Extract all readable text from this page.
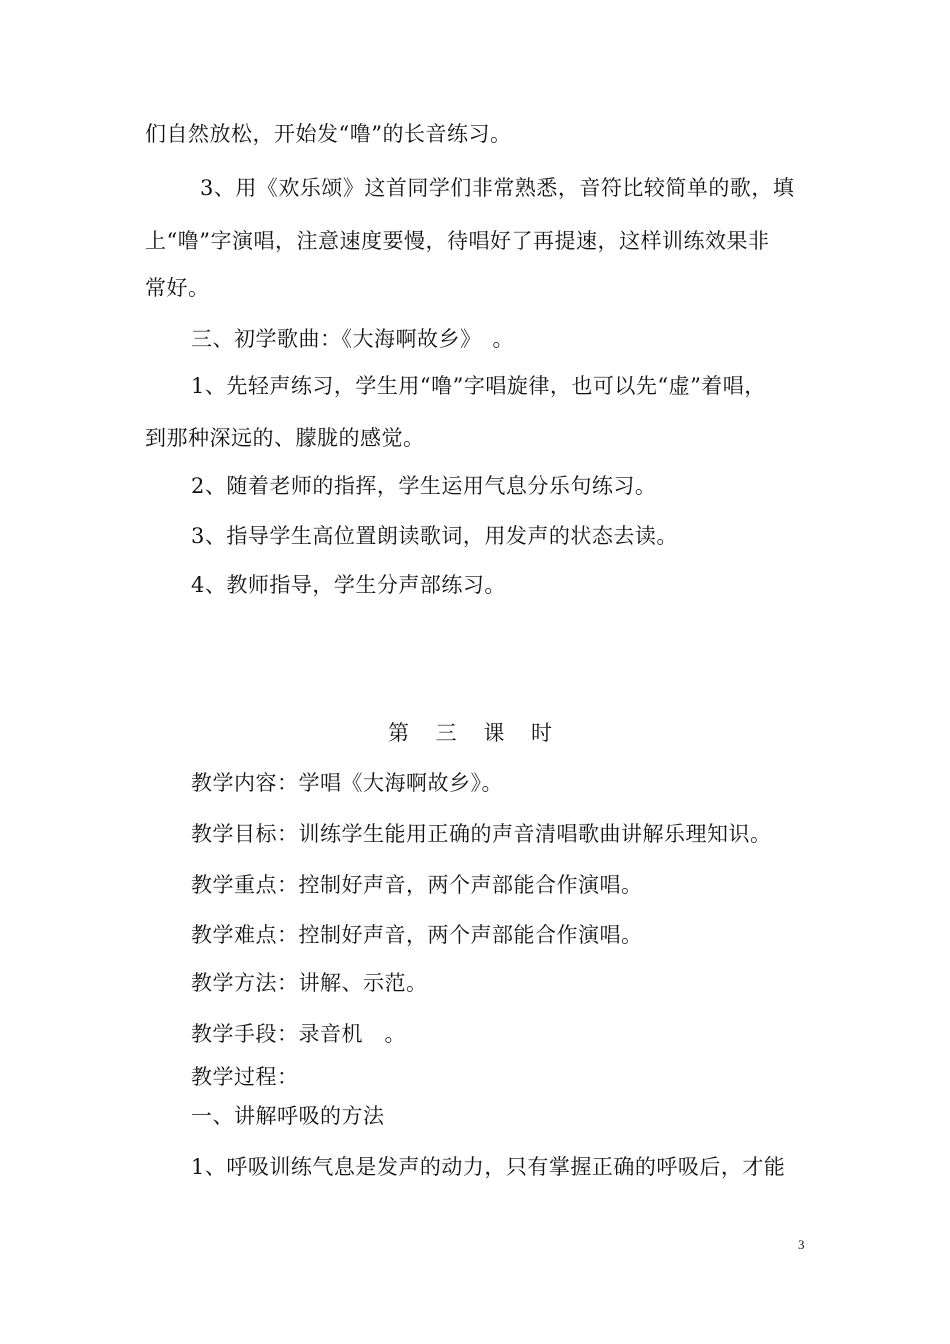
们自然放松，开始发“噜”的长音练习。
3、用《欢乐颂》这首同学们非常熟悉，音符比较简单的歌，填
上“噜”字演唱，注意速度要慢，待唱好了再提速，这样训练效果非
常好。
三、初学歌曲：《大海啊故乡》　。
1、先轻声练习，学生用“噜”字唱旋律，也可以先“虚”着唱，
到那种深远的、朦胧的感觉。
2、随着老师的指挥，学生运用气息分乐句练习。
3、指导学生高位置朗读歌词，用发声的状态去读。
4、教师指导，学生分声部练习。
第 三 课 时
教学内容：学唱《大海啊故乡》。
教学目标：训练学生能用正确的声音清唱歌曲讲解乐理知识。
教学重点：控制好声音，两个声部能合作演唱。
教学难点：控制好声音，两个声部能合作演唱。
教学方法：讲解、示范。
教学手段：录音机　。
教学过程：
一、讲解呼吸的方法
1、呼吸训练气息是发声的动力，只有掌握正确的呼吸后，才能
3
